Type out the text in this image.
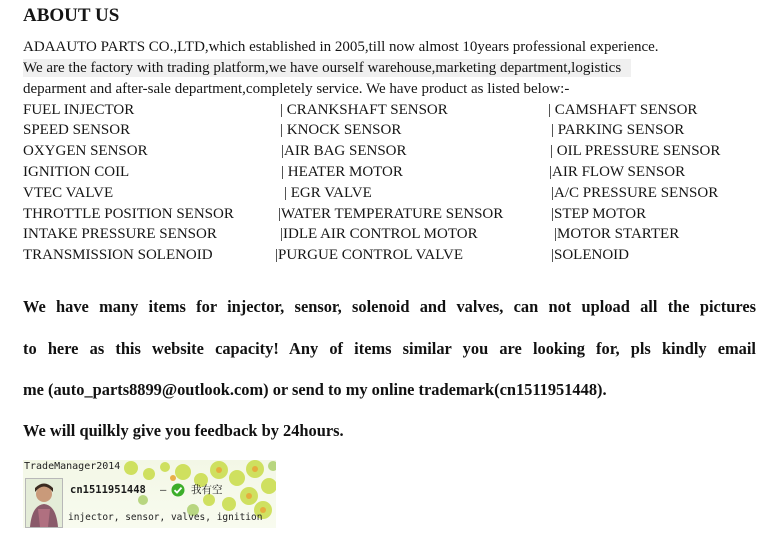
ABOUT US
ADAAUTO PARTS CO.,LTD,which established in 2005,till now almost 10years professional experience.
We are the factory with trading platform,we have ourself warehouse,marketing department,logistics
deparment and after-sale department,completely service. We have product as listed below:-
FUEL INJECTOR	| CRANKSHAFT SENSOR	| CAMSHAFT SENSOR
SPEED SENSOR	| KNOCK SENSOR	| PARKING SENSOR
OXYGEN SENSOR	|AIR BAG SENSOR	| OIL PRESSURE SENSOR
IGNITION COIL	| HEATER MOTOR	|AIR FLOW SENSOR
VTEC VALVE	| EGR VALVE	|A/C PRESSURE SENSOR
THROTTLE POSITION SENSOR	|WATER TEMPERATURE SENSOR	|STEP MOTOR
INTAKE PRESSURE SENSOR	|IDLE AIR CONTROL MOTOR	|MOTOR STARTER
TRANSMISSION SOLENOID	|PURGUE CONTROL VALVE	|SOLENOID
We have many items for injector, sensor, solenoid and valves, can not upload all the pictures
to here as this website capacity! Any of items similar you are looking for, pls kindly email
me (auto_parts8899@outlook.com) or send to my online trademark(cn1511951448).
We will quilkly give you feedback by 24hours.
TradeManager2014
cn1511951448 – 我有空
injector, sensor, valves, ignition
